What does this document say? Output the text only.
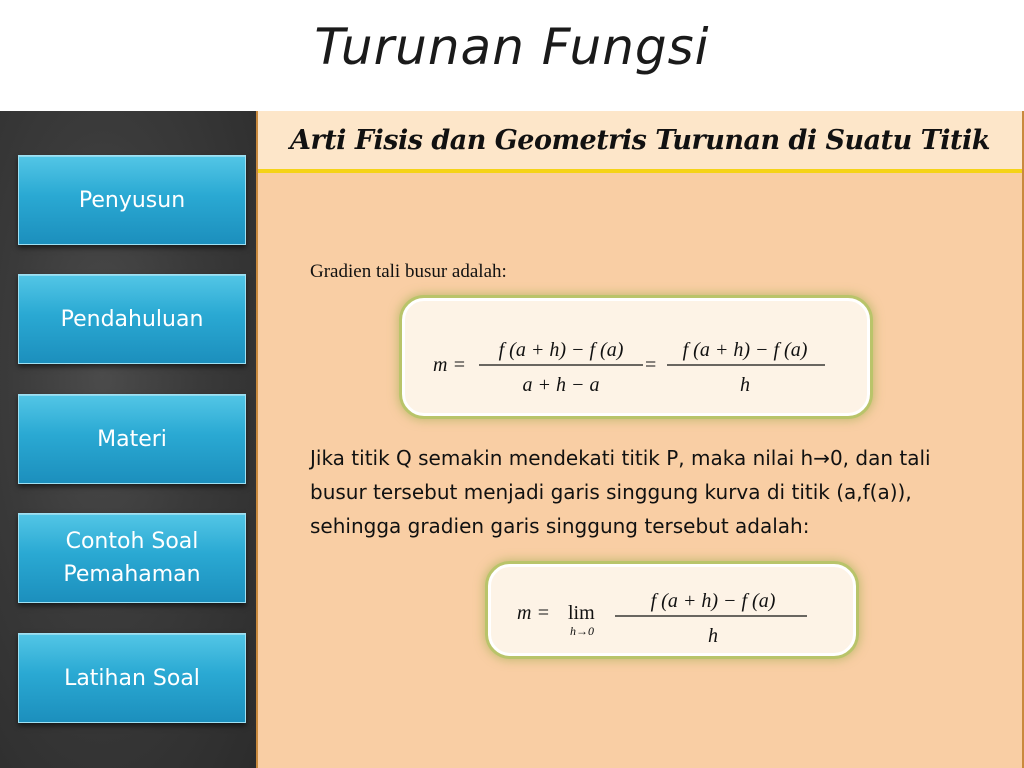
Turunan Fungsi
Penyusun
Pendahuluan
Materi
Contoh Soal Pemahaman
Latihan Soal
Arti Fisis dan Geometris Turunan di Suatu Titik
Gradien tali busur adalah:
m =
f (a + h) − f (a)
a + h − a
=
f (a + h) − f (a)
h
Jika titik Q semakin mendekati titik P, maka nilai h→0, dan tali busur tersebut menjadi garis singgung kurva di titik (a,f(a)), sehingga gradien garis singgung tersebut adalah:
m = lim
h→0
f (a + h) − f (a)
h
